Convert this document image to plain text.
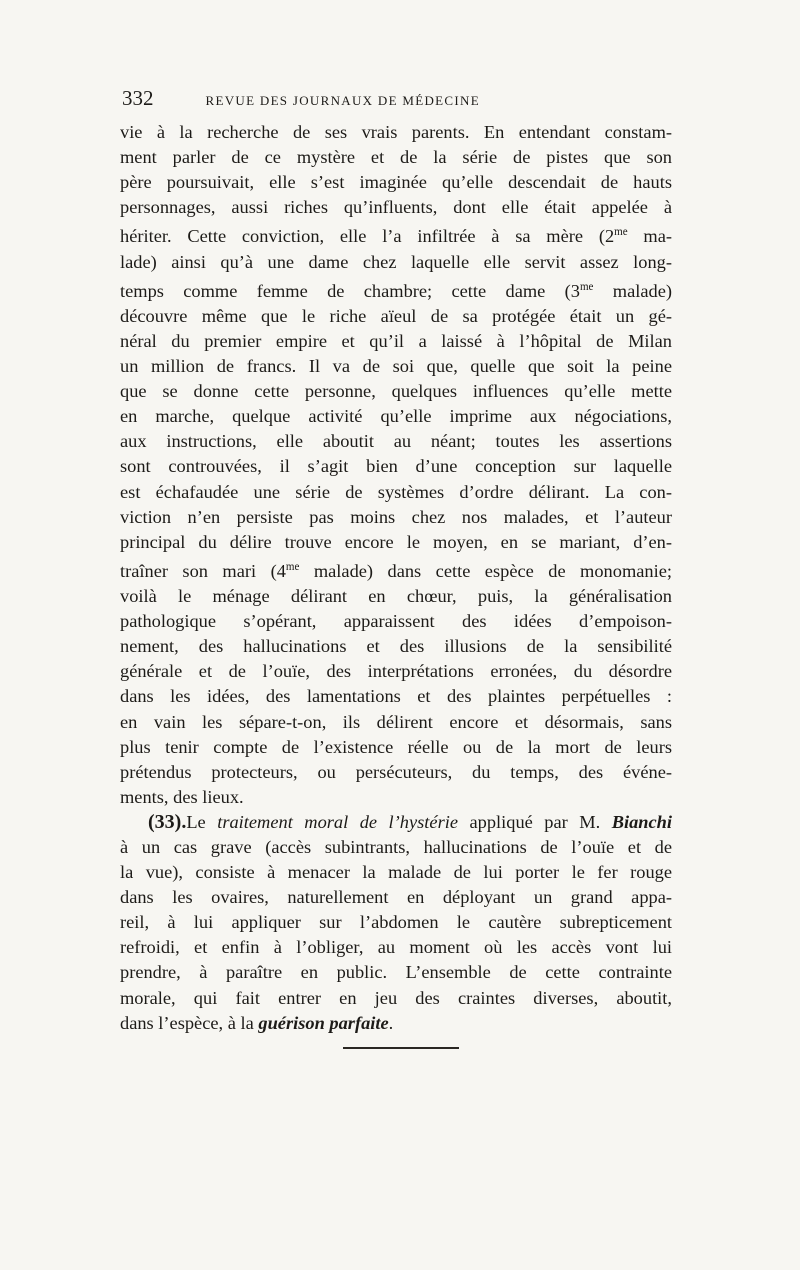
332	REVUE DES JOURNAUX DE MÉDECINE
vie à la recherche de ses vrais parents. En entendant constam-
ment parler de ce mystère et de la série de pistes que son
père poursuivait, elle s’est imaginée qu’elle descendait de hauts
personnages, aussi riches qu’influents, dont elle était appelée à
hériter. Cette conviction, elle l’a infiltrée à sa mère ($2^{me}$ ma-
lade) ainsi qu’à une dame chez laquelle elle servit assez long-
temps comme femme de chambre; cette dame ($3^{me}$ malade)
découvre même que le riche aïeul de sa protégée était un gé-
néral du premier empire et qu’il a laissé à l’hôpital de Milan
un million de francs. Il va de soi que, quelle que soit la peine
que se donne cette personne, quelques influences qu’elle mette
en marche, quelque activité qu’elle imprime aux négociations,
aux instructions, elle aboutit au néant; toutes les assertions
sont controuvées, il s’agit bien d’une conception sur laquelle
est échafaudée une série de systèmes d’ordre délirant. La con-
viction n’en persiste pas moins chez nos malades, et l’auteur
principal du délire trouve encore le moyen, en se mariant, d’en-
traîner son mari ($4^{me}$ malade) dans cette espèce de monomanie;
voilà le ménage délirant en chœur, puis, la généralisation
pathologique s’opérant, apparaissent des idées d’empoison-
nement, des hallucinations et des illusions de la sensibilité
générale et de l’ouïe, des interprétations erronées, du désordre
dans les idées, des lamentations et des plaintes perpétuelles :
en vain les sépare-t-on, ils délirent encore et désormais, sans
plus tenir compte de l’existence réelle ou de la mort de leurs
prétendus protecteurs, ou persécuteurs, du temps, des événe-
ments, des lieux.
(33).Le traitement moral de l’hystérie appliqué par M. Bianchi
à un cas grave (accès subintrants, hallucinations de l’ouïe et de
la vue), consiste à menacer la malade de lui porter le fer rouge
dans les ovaires, naturellement en déployant un grand appa-
reil, à lui appliquer sur l’abdomen le cautère subrepticement
refroidi, et enfin à l’obliger, au moment où les accès vont lui
prendre, à paraître en public. L’ensemble de cette contrainte
morale, qui fait entrer en jeu des craintes diverses, aboutit,
dans l’espèce, à la guérison parfaite.
